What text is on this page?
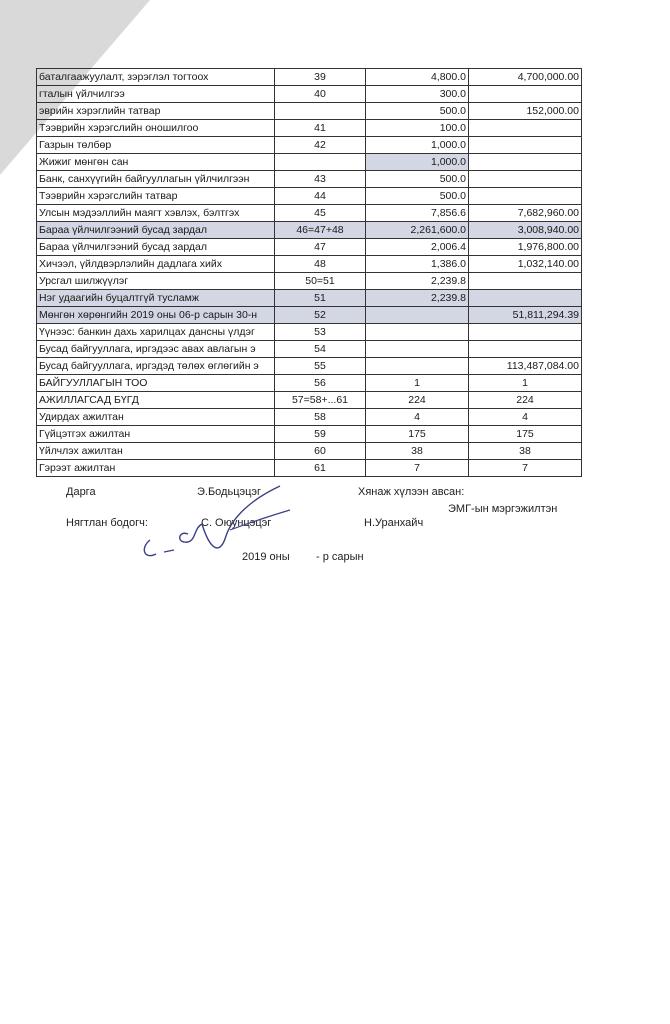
баталгаажуулалт, зэрэглэл тогтоох	39	4,800.0	4,700,000.00
гталын үйлчилгээ	40	300.0	
эврийн хэрэглийн татвар		500.0	152,000.00
Тээврийн хэрэгслийн оношилгоо	41	100.0	
Газрын төлбөр	42	1,000.0	
Жижиг мөнгөн сан		1,000.0	
Банк, санхүүгийн байгууллагын үйлчилгээн	43	500.0	
Тээврийн хэрэгслийн татвар	44	500.0	
Улсын мэдээллийн маягт хэвлэх, бэлтгэх	45	7,856.6	7,682,960.00
Бараа үйлчилгээний бусад зардал	46=47+48	2,261,600.0	3,008,940.00
Бараа үйлчилгээний бусад зардал	47	2,006.4	1,976,800.00
Хичээл, үйлдвэрлэлийн дадлага хийх	48	1,386.0	1,032,140.00
Урсгал шилжүүлэг	50=51	2,239.8	
Нэг удаагийн буцалтгүй тусламж	51	2,239.8	
Мөнгөн хөрөнгийн 2019 оны 06-р сарын 30-н	52		51,811,294.39
Үүнээс: банкин дахь харилцах дансны үлдэг	53		
Бусад байгууллага, иргэдээс авах авлагын э	54		
Бусад байгууллага, иргэдэд төлөх өглөгийн э	55		113,487,084.00
БАЙГУУЛЛАГЫН ТОО	56	1	1
АЖИЛЛАГСАД БҮГД	57=58+...61	224	224
Удирдах ажилтан	58	4	4
Гүйцэтгэх ажилтан	59	175	175
Үйлчлэх ажилтан	60	38	38
Гэрээт ажилтан	61	7	7
Дарга	Э.Бодьцэцэг	Хянаж хүлээн авсан:
ЭМГ-ын мэргэжилтэн
Нягтлан бодогч:	С. Оюунцэцэг	Н.Уранхайч
2019 оны - р сарын
